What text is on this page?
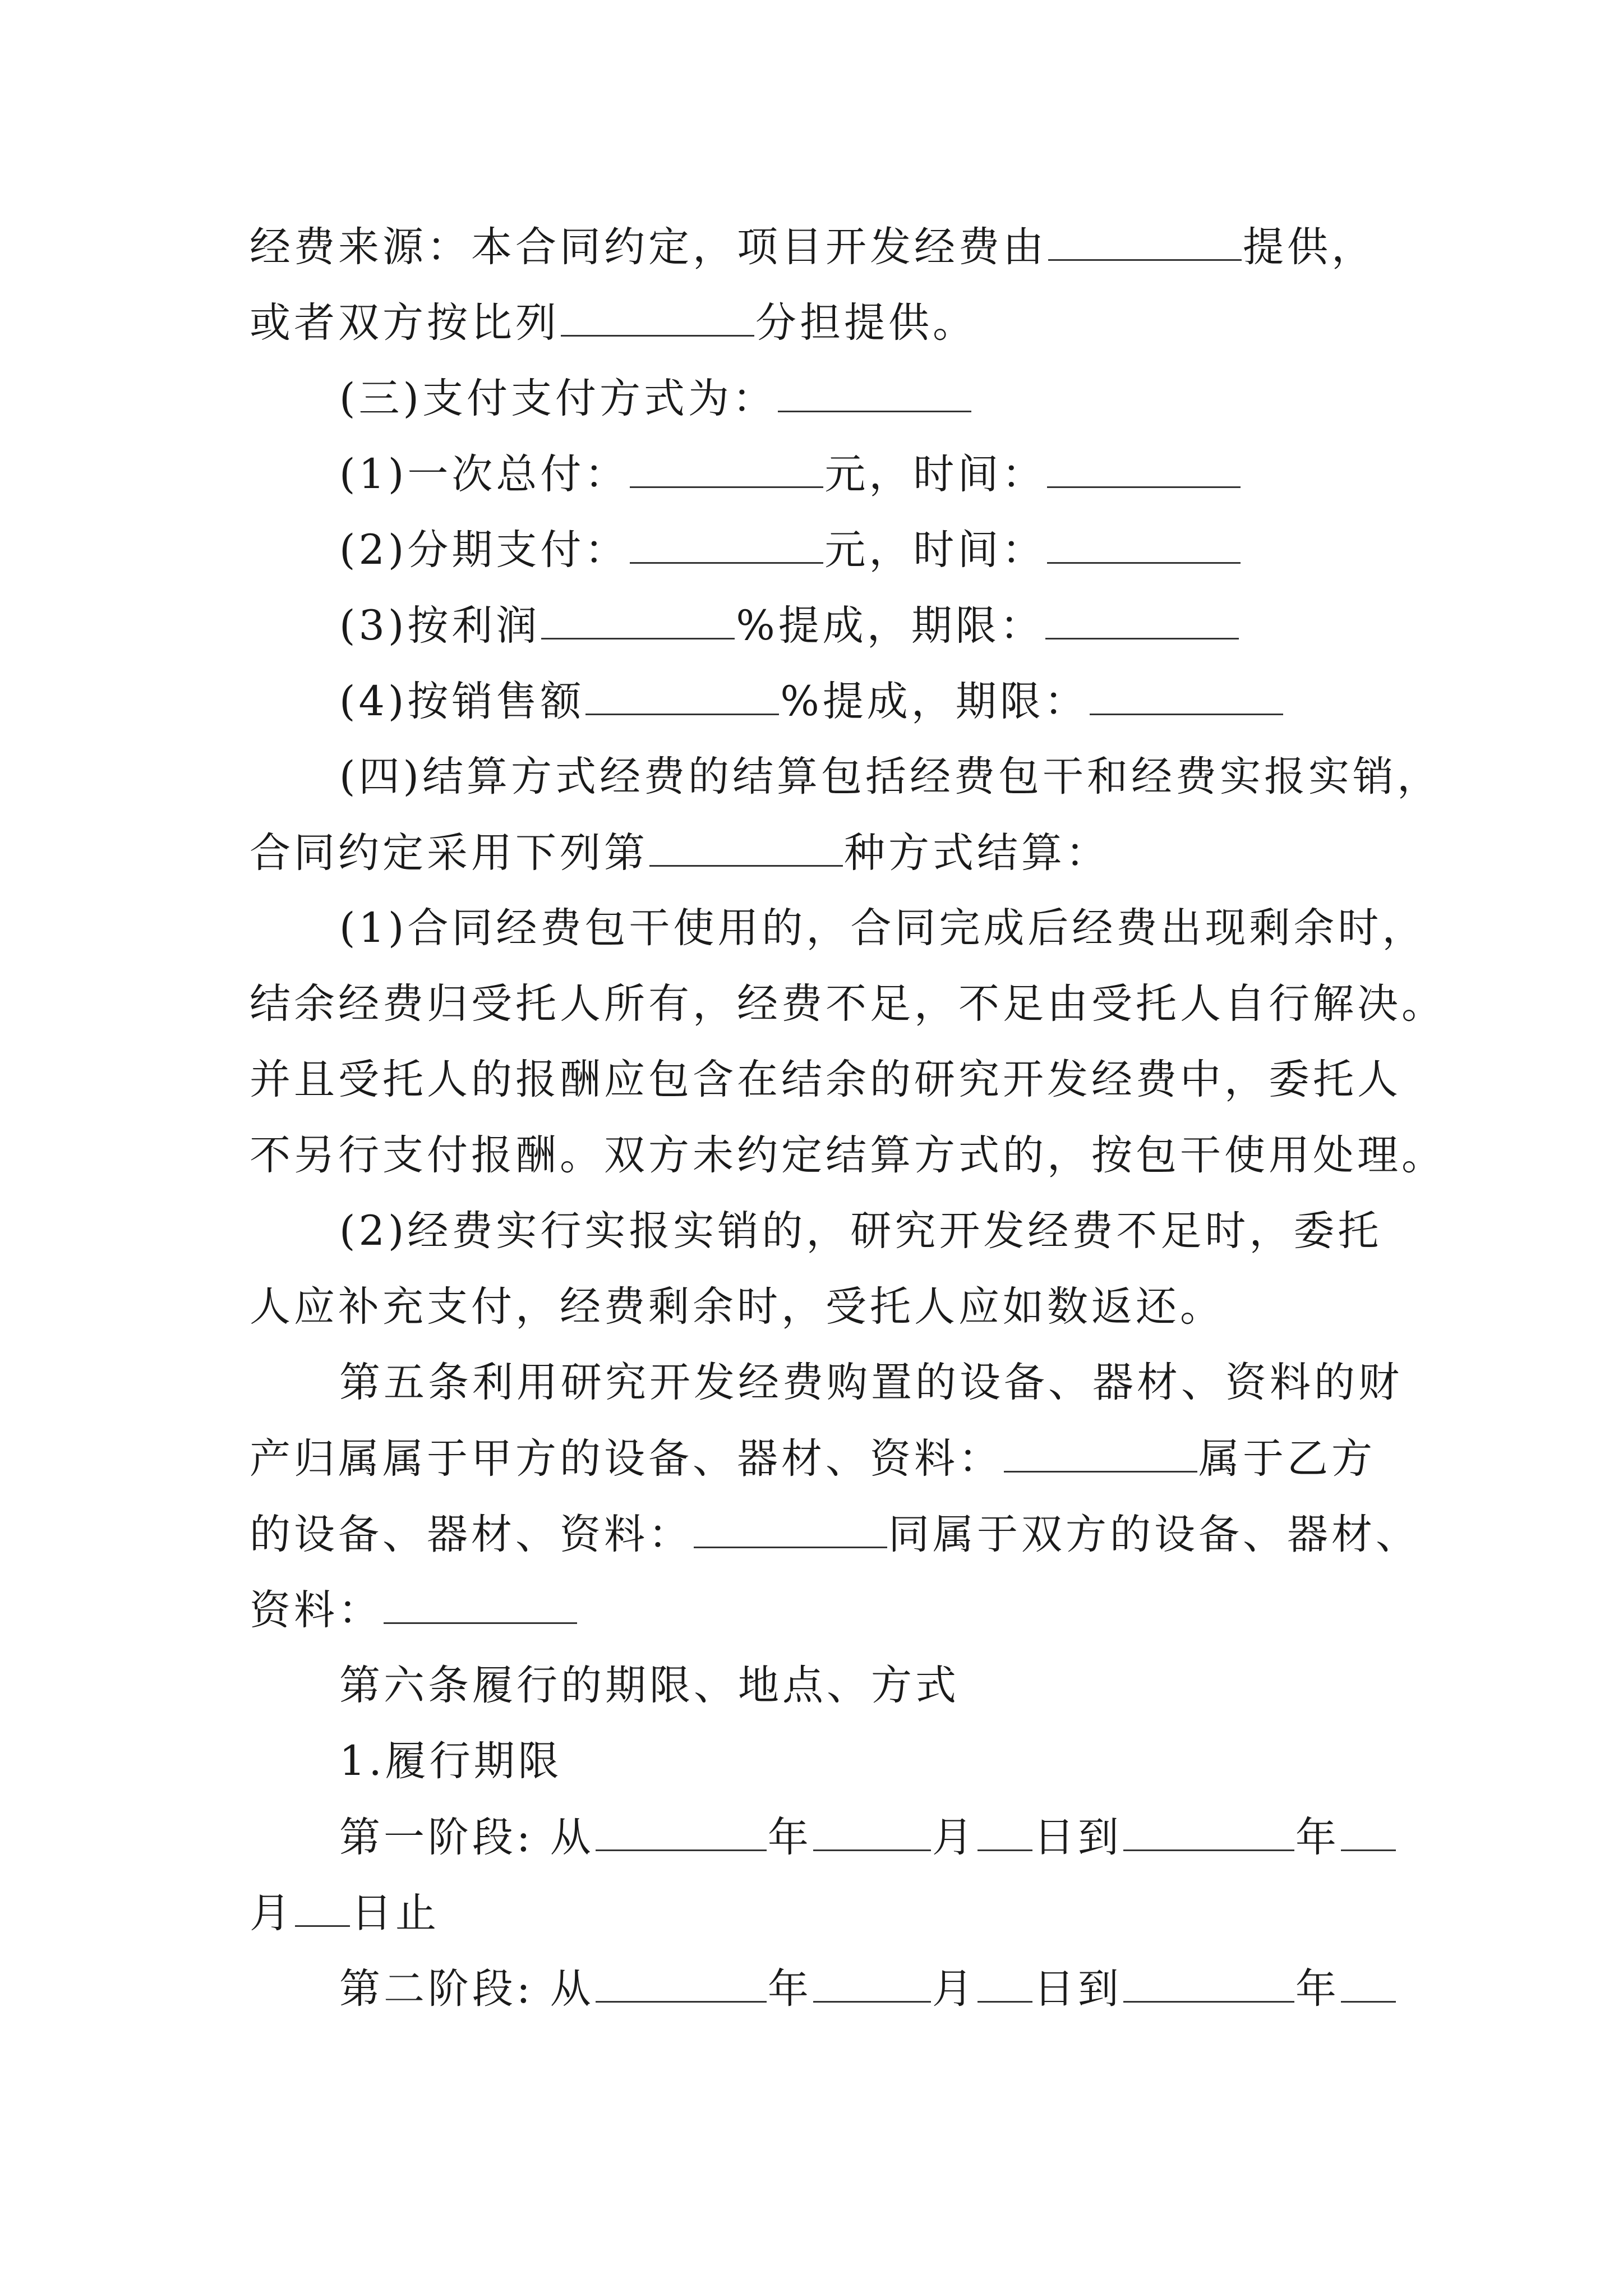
经费来源：本合同约定，项目开发经费由	提供，
或者双方按比列	分担提供。
(三)支付支付方式为：
(1)一次总付：	元，时间：
(2)分期支付：	元，时间：
(3)按利润	%提成，期限：
(4)按销售额	%提成，期限：
(四)结算方式经费的结算包括经费包干和经费实报实销，
合同约定采用下列第	种方式结算：
(1)合同经费包干使用的，合同完成后经费出现剩余时，
结余经费归受托人所有，经费不足，不足由受托人自行解决。
并且受托人的报酬应包含在结余的研究开发经费中，委托人
不另行支付报酬。双方未约定结算方式的，按包干使用处理。
(2)经费实行实报实销的，研究开发经费不足时，委托
人应补充支付，经费剩余时，受托人应如数返还。
第五条利用研究开发经费购置的设备、器材、资料的财
产归属属于甲方的设备、器材、资料：	属于乙方
的设备、器材、资料：	同属于双方的设备、器材、
资料：
第六条履行的期限、地点、方式
1.履行期限
第一阶段: 从	年	月 日到	年
月 日止
第二阶段: 从	年	月 日到	年
